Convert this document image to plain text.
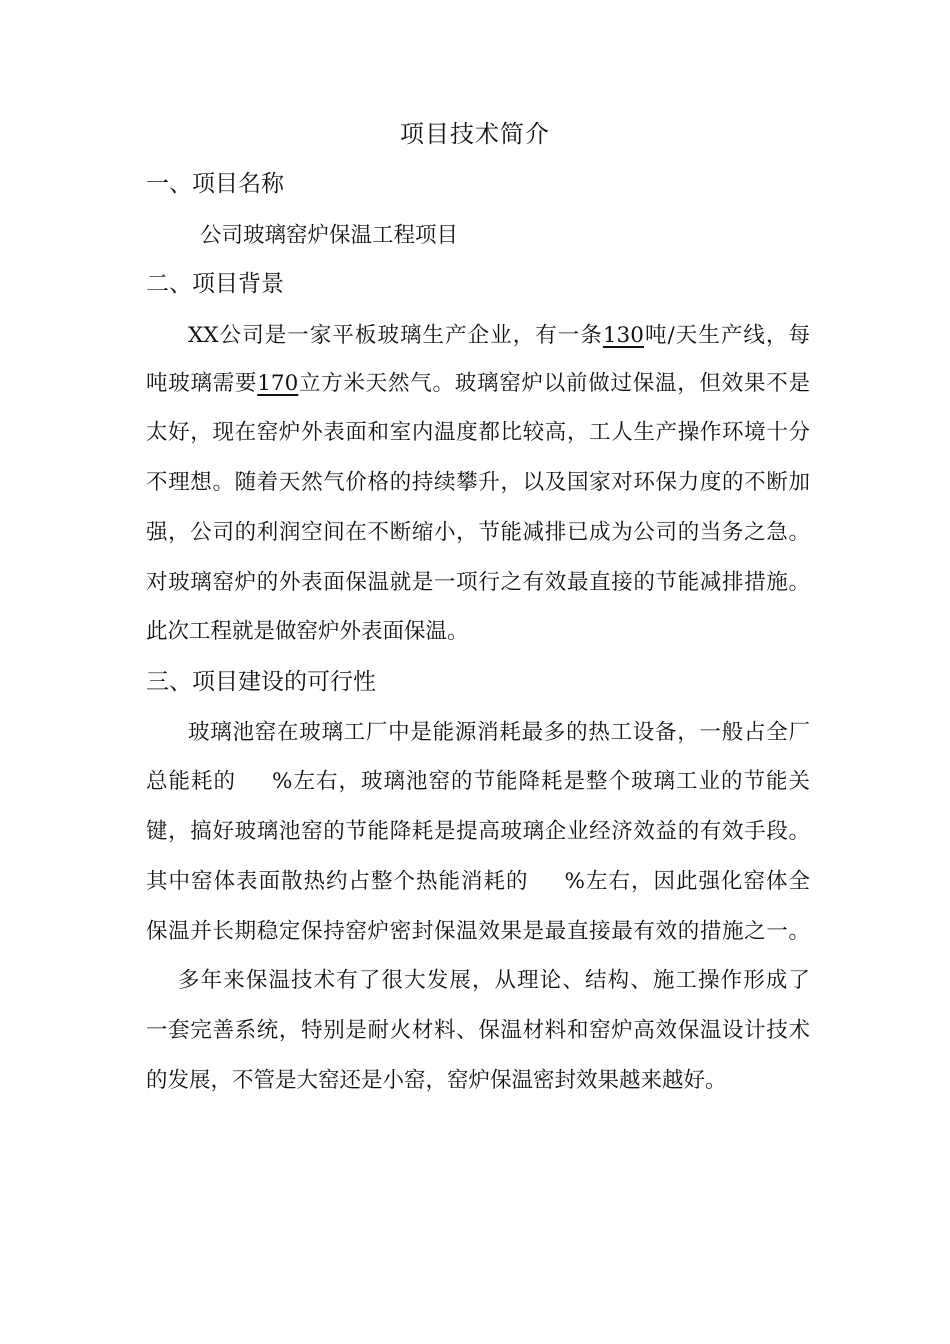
项目技术简介
一、项目名称
公司玻璃窑炉保温工程项目
二、项目背景
XX公司是一家平板玻璃生产企业，有一条130吨/天生产线，每
吨玻璃需要170立方米天然气。玻璃窑炉以前做过保温，但效果不是
太好，现在窑炉外表面和室内温度都比较高，工人生产操作环境十分
不理想。随着天然气价格的持续攀升，以及国家对环保力度的不断加
强，公司的利润空间在不断缩小，节能减排已成为公司的当务之急。
对玻璃窑炉的外表面保温就是一项行之有效最直接的节能减排措施。
此次工程就是做窑炉外表面保温。
三、项目建设的可行性
玻璃池窑在玻璃工厂中是能源消耗最多的热工设备，一般占全厂
总能耗的 %左右，玻璃池窑的节能降耗是整个玻璃工业的节能关
键，搞好玻璃池窑的节能降耗是提高玻璃企业经济效益的有效手段。
其中窑体表面散热约占整个热能消耗的 %左右，因此强化窑体全
保温并长期稳定保持窑炉密封保温效果是最直接最有效的措施之一。
多年来保温技术有了很大发展，从理论、结构、施工操作形成了
一套完善系统，特别是耐火材料、保温材料和窑炉高效保温设计技术
的发展，不管是大窑还是小窑，窑炉保温密封效果越来越好。
